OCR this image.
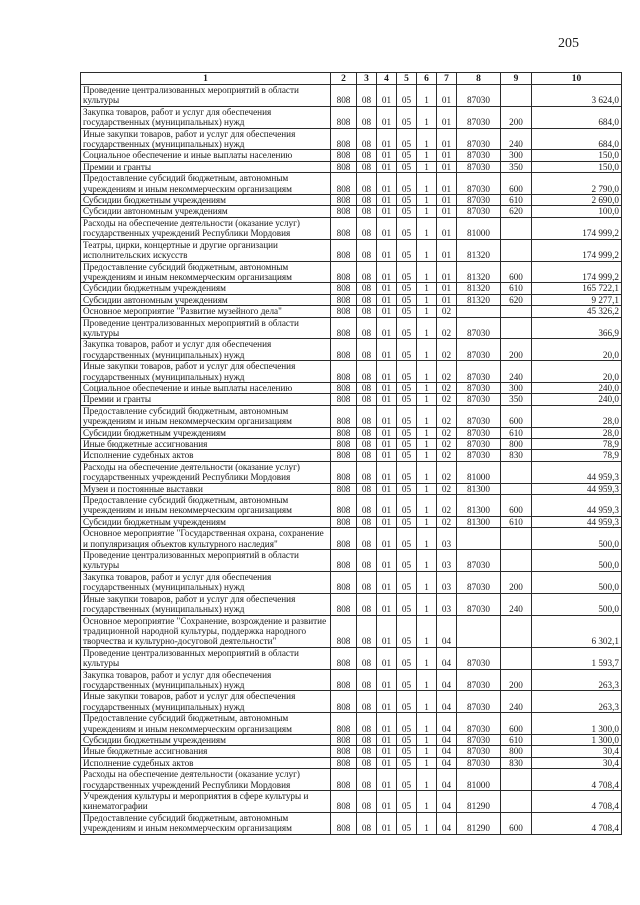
205
1	2	3	4	5	6	7	8	9	10
Проведение централизованных мероприятий в области культуры	808	08	01	05	1	01	87030		3 624,0
Закупка товаров, работ и услуг для обеспечения государственных (муниципальных) нужд	808	08	01	05	1	01	87030	200	684,0
Иные закупки товаров, работ и услуг для обеспечения государственных (муниципальных) нужд	808	08	01	05	1	01	87030	240	684,0
Социальное обеспечение и иные выплаты населению	808	08	01	05	1	01	87030	300	150,0
Премии и гранты	808	08	01	05	1	01	87030	350	150,0
Предоставление субсидий бюджетным, автономным учреждениям и иным некоммерческим организациям	808	08	01	05	1	01	87030	600	2 790,0
Субсидии бюджетным учреждениям	808	08	01	05	1	01	87030	610	2 690,0
Субсидии автономным учреждениям	808	08	01	05	1	01	87030	620	100,0
Расходы на обеспечение деятельности (оказание услуг) государственных учреждений Республики Мордовия	808	08	01	05	1	01	81000		174 999,2
Театры, цирки, концертные и другие организации исполнительских искусств	808	08	01	05	1	01	81320		174 999,2
Предоставление субсидий бюджетным, автономным учреждениям и иным некоммерческим организациям	808	08	01	05	1	01	81320	600	174 999,2
Субсидии бюджетным учреждениям	808	08	01	05	1	01	81320	610	165 722,1
Субсидии автономным учреждениям	808	08	01	05	1	01	81320	620	9 277,1
Основное мероприятие "Развитие музейного дела"	808	08	01	05	1	02			45 326,2
Проведение централизованных мероприятий в области культуры	808	08	01	05	1	02	87030		366,9
Закупка товаров, работ и услуг для обеспечения государственных (муниципальных) нужд	808	08	01	05	1	02	87030	200	20,0
Иные закупки товаров, работ и услуг для обеспечения государственных (муниципальных) нужд	808	08	01	05	1	02	87030	240	20,0
Социальное обеспечение и иные выплаты населению	808	08	01	05	1	02	87030	300	240,0
Премии и гранты	808	08	01	05	1	02	87030	350	240,0
Предоставление субсидий бюджетным, автономным учреждениям и иным некоммерческим организациям	808	08	01	05	1	02	87030	600	28,0
Субсидии бюджетным учреждениям	808	08	01	05	1	02	87030	610	28,0
Иные бюджетные ассигнования	808	08	01	05	1	02	87030	800	78,9
Исполнение судебных актов	808	08	01	05	1	02	87030	830	78,9
Расходы на обеспечение деятельности (оказание услуг) государственных учреждений Республики Мордовия	808	08	01	05	1	02	81000		44 959,3
Музеи и постоянные выставки	808	08	01	05	1	02	81300		44 959,3
Предоставление субсидий бюджетным, автономным учреждениям и иным некоммерческим организациям	808	08	01	05	1	02	81300	600	44 959,3
Субсидии бюджетным учреждениям	808	08	01	05	1	02	81300	610	44 959,3
Основное мероприятие "Государственная охрана, сохранение и популяризация объектов культурного наследия"	808	08	01	05	1	03			500,0
Проведение централизованных мероприятий в области культуры	808	08	01	05	1	03	87030		500,0
Закупка товаров, работ и услуг для обеспечения государственных (муниципальных) нужд	808	08	01	05	1	03	87030	200	500,0
Иные закупки товаров, работ и услуг для обеспечения государственных (муниципальных) нужд	808	08	01	05	1	03	87030	240	500,0
Основное мероприятие "Сохранение, возрождение и развитие традиционной народной культуры, поддержка народного творчества и культурно-досуговой деятельности"	808	08	01	05	1	04			6 302,1
Проведение централизованных мероприятий в области культуры	808	08	01	05	1	04	87030		1 593,7
Закупка товаров, работ и услуг для обеспечения государственных (муниципальных) нужд	808	08	01	05	1	04	87030	200	263,3
Иные закупки товаров, работ и услуг для обеспечения государственных (муниципальных) нужд	808	08	01	05	1	04	87030	240	263,3
Предоставление субсидий бюджетным, автономным учреждениям и иным некоммерческим организациям	808	08	01	05	1	04	87030	600	1 300,0
Субсидии бюджетным учреждениям	808	08	01	05	1	04	87030	610	1 300,0
Иные бюджетные ассигнования	808	08	01	05	1	04	87030	800	30,4
Исполнение судебных актов	808	08	01	05	1	04	87030	830	30,4
Расходы на обеспечение деятельности (оказание услуг) государственных учреждений Республики Мордовия	808	08	01	05	1	04	81000		4 708,4
Учреждения культуры и мероприятия в сфере культуры и кинематографии	808	08	01	05	1	04	81290		4 708,4
Предоставление субсидий бюджетным, автономным учреждениям и иным некоммерческим организациям	808	08	01	05	1	04	81290	600	4 708,4
